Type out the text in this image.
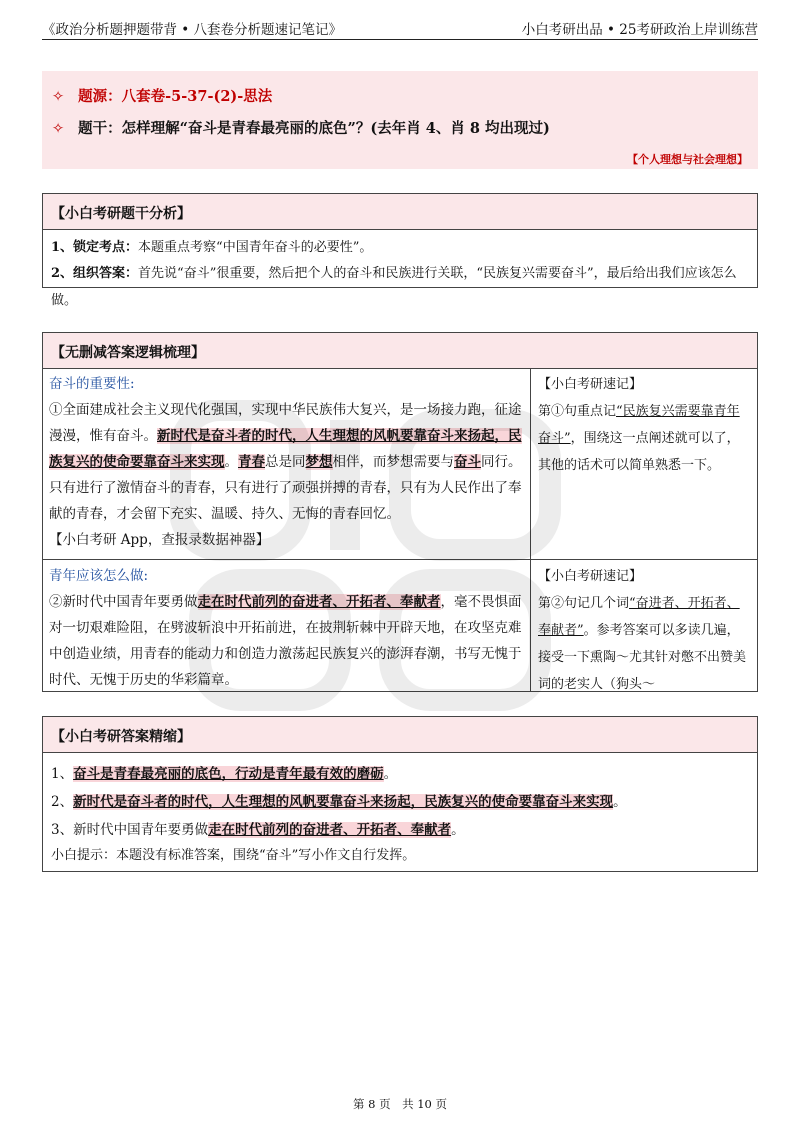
《政治分析题押题带背 • 八套卷分析题速记笔记》	小白考研出品 • 25考研政治上岸训练营
✧ 题源：八套卷-5-37-(2)-思法
✧ 题干：怎样理解“奋斗是青春最亮丽的底色”？(去年肖 4、肖 8 均出现过)
【个人理想与社会理想】
【小白考研题干分析】
1、锁定考点：本题重点考察“中国青年奋斗的必要性”。
2、组织答案：首先说“奋斗”很重要，然后把个人的奋斗和民族进行关联，“民族复兴需要奋斗”，最后给出我们应该怎么做。
【无删减答案逻辑梳理】
奋斗的重要性:
①全面建成社会主义现代化强国，实现中华民族伟大复兴，是一场接力跑，征途漫漫，惟有奋斗。新时代是奋斗者的时代，人生理想的风帆要靠奋斗来扬起，民族复兴的使命要靠奋斗来实现。青春总是同梦想相伴，而梦想需要与奋斗同行。只有进行了激情奋斗的青春，只有进行了顽强拼搏的青春，只有为人民作出了奉献的青春，才会留下充实、温暖、持久、无悔的青春回忆。
【小白考研 App，查报录数据神器】
【小白考研速记】
第①句重点记“民族复兴需要靠青年奋斗”，围绕这一点阐述就可以了，其他的话术可以简单熟悉一下。
青年应该怎么做:
②新时代中国青年要勇做走在时代前列的奋进者、开拓者、奉献者，毫不畏惧面对一切艰难险阻，在劈波斩浪中开拓前进，在披荆斩棘中开辟天地，在攻坚克难中创造业绩，用青春的能动力和创造力激荡起民族复兴的澎湃春潮，书写无愧于时代、无愧于历史的华彩篇章。
【小白考研速记】
第②句记几个词“奋进者、开拓者、奉献者”。参考答案可以多读几遍，接受一下熏陶～尤其针对憋不出赞美词的老实人（狗头～
【小白考研答案精缩】
1、奋斗是青春最亮丽的底色，行动是青年最有效的磨砺。
2、新时代是奋斗者的时代，人生理想的风帆要靠奋斗来扬起，民族复兴的使命要靠奋斗来实现。
3、新时代中国青年要勇做走在时代前列的奋进者、开拓者、奉献者。
小白提示：本题没有标准答案，围绕“奋斗”写小作文自行发挥。
第 8 页　共 10 页
